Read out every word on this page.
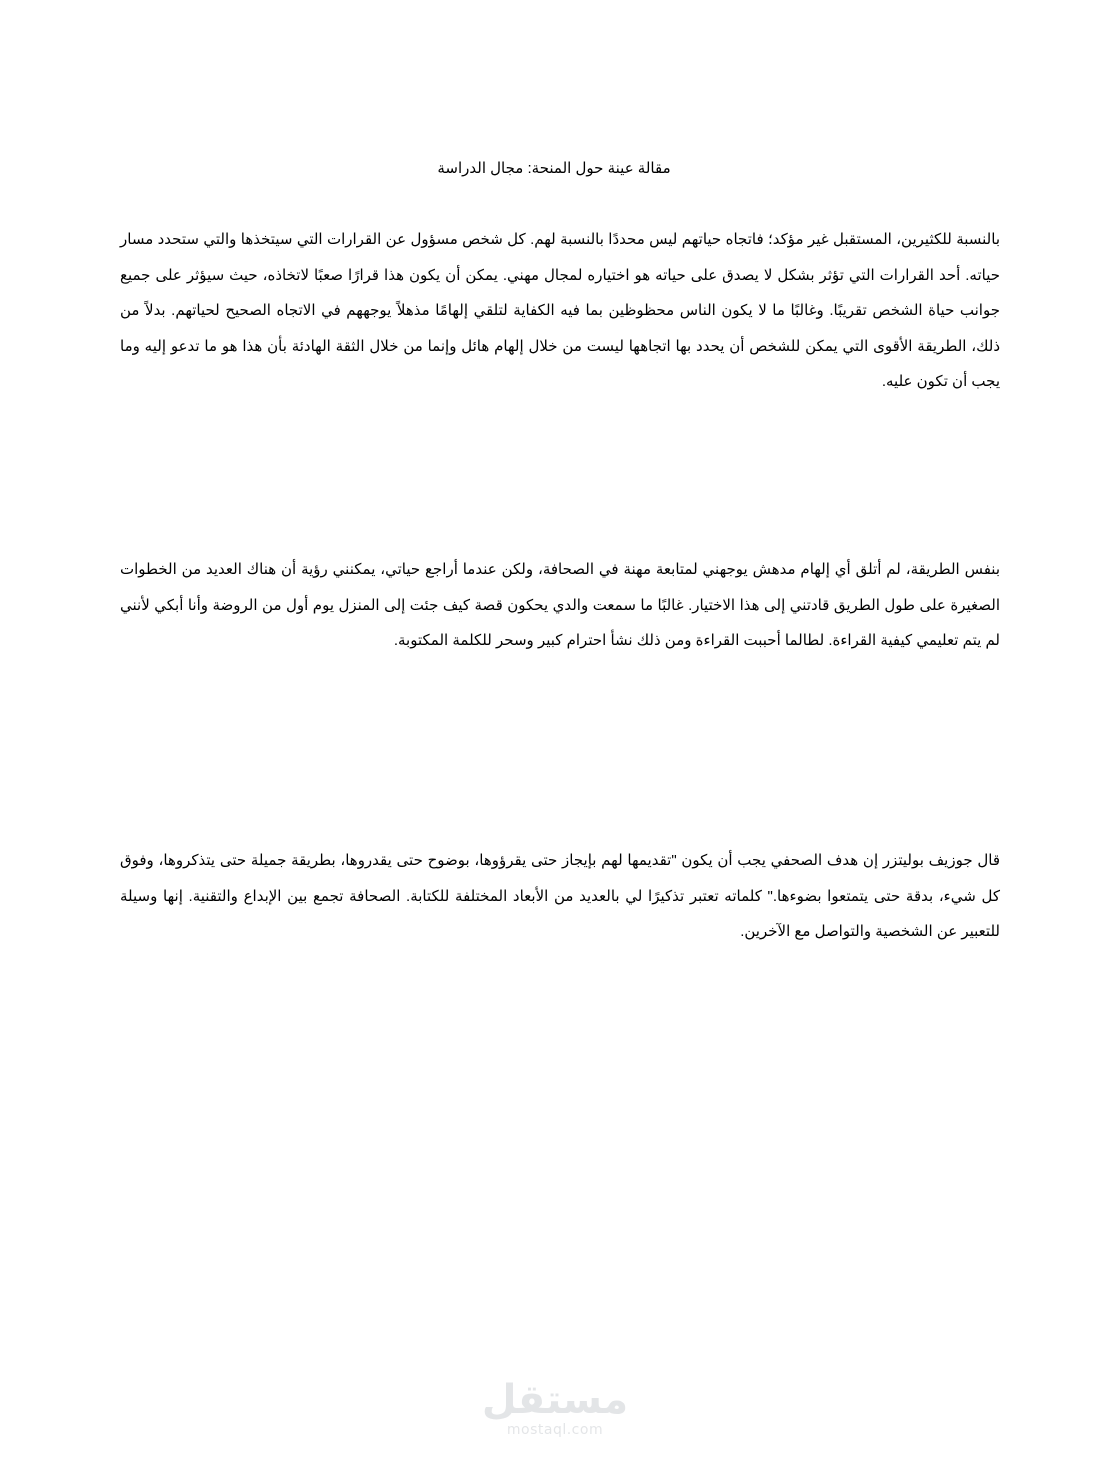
مقالة عينة حول المنحة: مجال الدراسة

بالنسبة للكثيرين، المستقبل غير مؤكد؛ فاتجاه حياتهم ليس محددًا بالنسبة لهم. كل شخص مسؤول عن القرارات التي سيتخذها والتي ستحدد مسار حياته. أحد القرارات التي تؤثر بشكل لا يصدق على حياته هو اختياره لمجال مهني. يمكن أن يكون هذا قرارًا صعبًا لاتخاذه، حيث سيؤثر على جميع جوانب حياة الشخص تقريبًا. وغالبًا ما لا يكون الناس محظوظين بما فيه الكفاية لتلقي إلهامًا مذهلاً يوجههم في الاتجاه الصحيح لحياتهم. بدلاً من ذلك، الطريقة الأقوى التي يمكن للشخص أن يحدد بها اتجاهها ليست من خلال إلهام هائل وإنما من خلال الثقة الهادئة بأن هذا هو ما تدعو إليه وما يجب أن تكون عليه.

بنفس الطريقة، لم أتلق أي إلهام مدهش يوجهني لمتابعة مهنة في الصحافة، ولكن عندما أراجع حياتي، يمكنني رؤية أن هناك العديد من الخطوات الصغيرة على طول الطريق قادتني إلى هذا الاختيار. غالبًا ما سمعت والدي يحكون قصة كيف جئت إلى المنزل يوم أول من الروضة وأنا أبكي لأنني لم يتم تعليمي كيفية القراءة. لطالما أحببت القراءة ومن ذلك نشأ احترام كبير وسحر للكلمة المكتوبة.

قال جوزيف بوليتزر إن هدف الصحفي يجب أن يكون "تقديمها لهم بإيجاز حتى يقرؤوها، بوضوح حتى يقدروها، بطريقة جميلة حتى يتذكروها، وفوق كل شيء، بدقة حتى يتمتعوا بضوءها." كلماته تعتبر تذكيرًا لي بالعديد من الأبعاد المختلفة للكتابة. الصحافة تجمع بين الإبداع والتقنية. إنها وسيلة للتعبير عن الشخصية والتواصل مع الآخرين.

مستقل
mostaql.com
